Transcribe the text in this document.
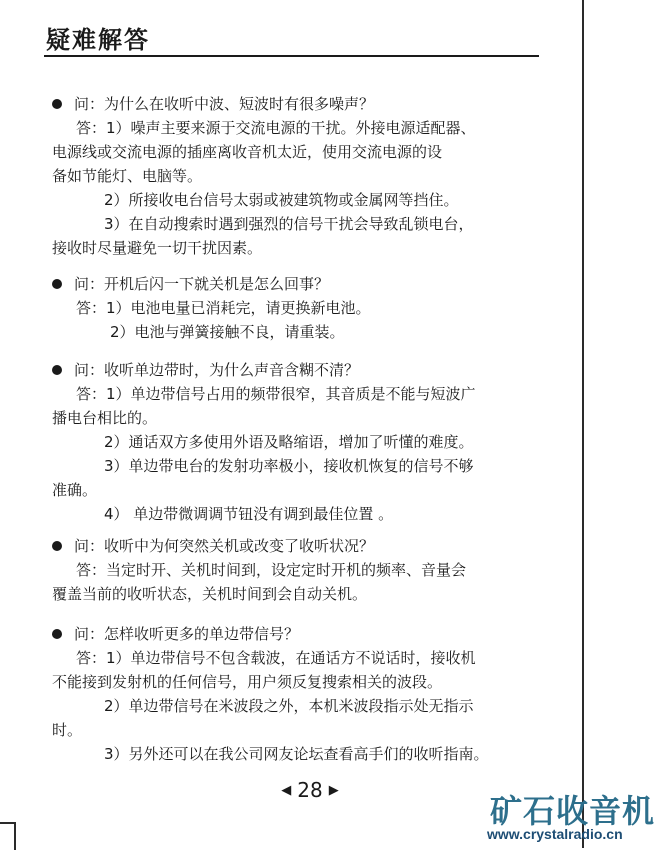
疑难解答
问：为什么在收听中波、短波时有很多噪声？
答：1）噪声主要来源于交流电源的干扰。外接电源适配器、
电源线或交流电源的插座离收音机太近，使用交流电源的设
备如节能灯、电脑等。
2）所接收电台信号太弱或被建筑物或金属网等挡住。
3）在自动搜索时遇到强烈的信号干扰会导致乱锁电台，
接收时尽量避免一切干扰因素。
问：开机后闪一下就关机是怎么回事？
答：1）电池电量已消耗完，请更换新电池。
2）电池与弹簧接触不良，请重装。
问：收听单边带时，为什么声音含糊不清？
答：1）单边带信号占用的频带很窄，其音质是不能与短波广
播电台相比的。
2）通话双方多使用外语及略缩语，增加了听懂的难度。
3）单边带电台的发射功率极小，接收机恢复的信号不够
准确。
4） 单边带微调调节钮没有调到最佳位置 。
问：收听中为何突然关机或改变了收听状况？
答：当定时开、关机时间到，设定定时开机的频率、音量会
覆盖当前的收听状态，关机时间到会自动关机。
问：怎样收听更多的单边带信号？
答：1）单边带信号不包含载波，在通话方不说话时，接收机
不能接到发射机的任何信号，用户须反复搜索相关的波段。
2）单边带信号在米波段之外，本机米波段指示处无指示
时。
3）另外还可以在我公司网友论坛查看高手们的收听指南。
◀ 28 ▶
矿石收音机
www.crystalradio.cn
